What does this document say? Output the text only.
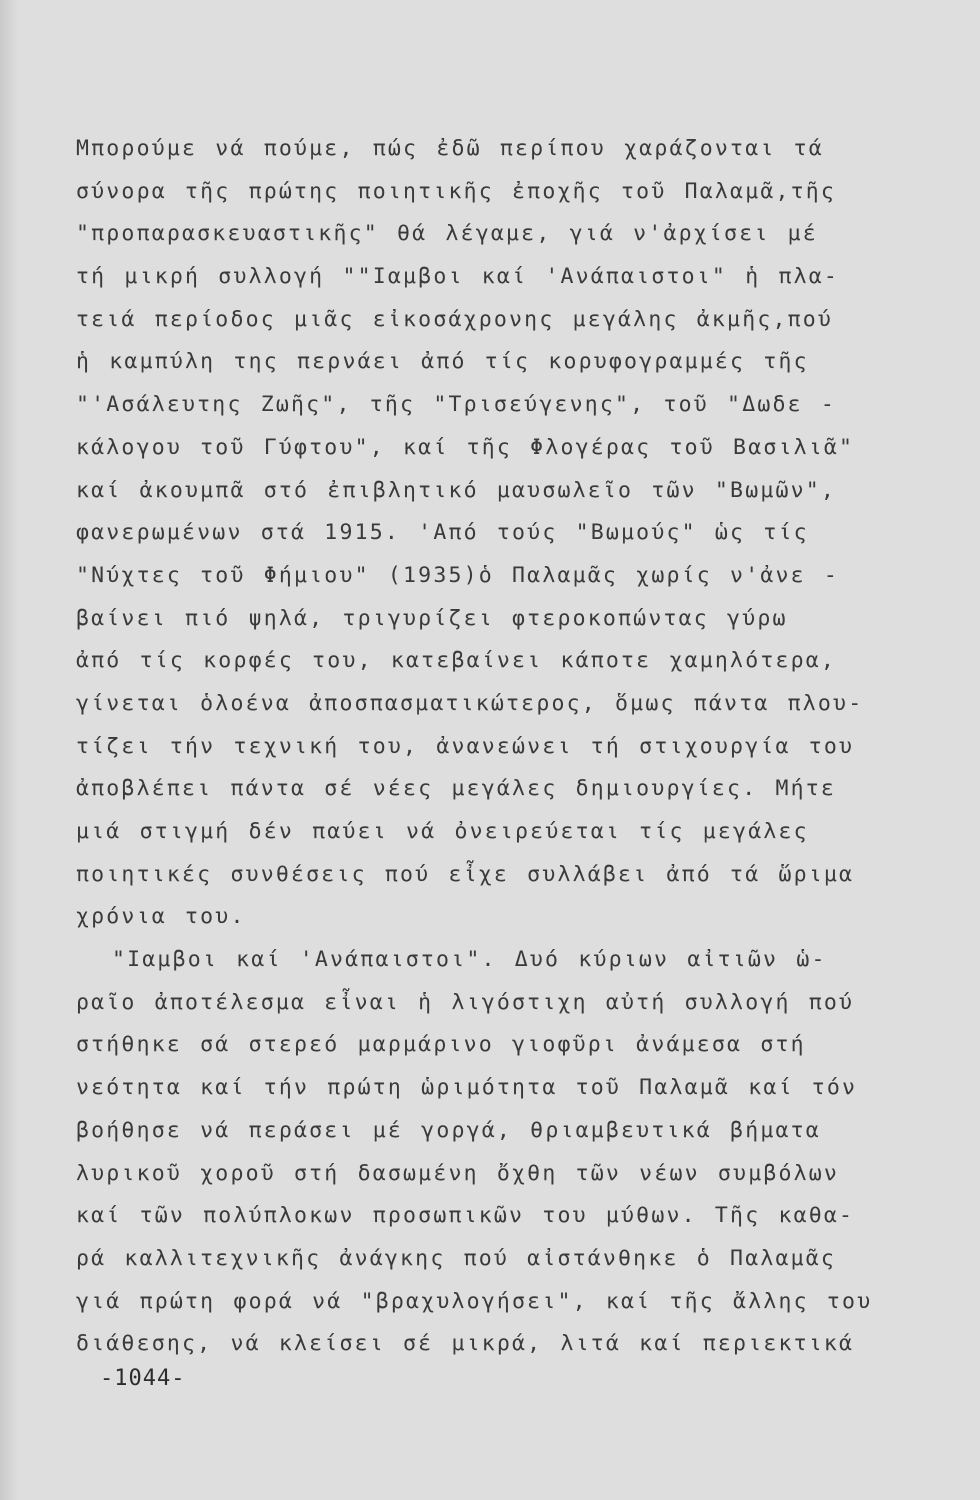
Μπορούμε νά πούμε, πώς ἐδῶ περίπου χαράζονται τά
σύνορα τῆς πρώτης ποιητικῆς ἐποχῆς τοῦ Παλαμᾶ,τῆς
"προπαρασκευαστικῆς" θά λέγαμε, γιά ν'ἀρχίσει μέ
τή μικρή συλλογή ""Ιαμβοι καί 'Ανάπαιστοι" ἡ πλα-
τειά περίοδος μιᾶς εἰκοσάχρονης μεγάλης ἀκμῆς,πού
ἡ καμπύλη της περνάει ἀπό τίς κορυφογραμμές τῆς
"'Ασάλευτης Ζωῆς", τῆς "Τρισεύγενης", τοῦ "Δωδε -
κάλογου τοῦ Γύφτου", καί τῆς Φλογέρας τοῦ Βασιλιᾶ"
καί ἀκουμπᾶ στό ἐπιβλητικό μαυσωλεῖο τῶν "Βωμῶν",
φανερωμένων στά 1915. 'Από τούς "Βωμούς" ὡς τίς
"Νύχτες τοῦ Φήμιου" (1935)ὁ Παλαμᾶς χωρίς ν'ἀνε -
βαίνει πιό ψηλά, τριγυρίζει φτεροκοπώντας γύρω
ἀπό τίς κορφές του, κατεβαίνει κάποτε χαμηλότερα,
γίνεται ὁλοένα ἀποσπασματικώτερος, ὅμως πάντα πλου-
τίζει τήν τεχνική του, ἀνανεώνει τή στιχουργία του
ἀποβλέπει πάντα σέ νέες μεγάλες δημιουργίες. Μήτε
μιά στιγμή δέν παύει νά ὀνειρεύεται τίς μεγάλες
ποιητικές συνθέσεις πού εἶχε συλλάβει ἀπό τά ὥριμα
χρόνια του.
"Ιαμβοι καί 'Ανάπαιστοι". Δυό κύριων αἰτιῶν ὡ-
ραῖο ἀποτέλεσμα εἶναι ἡ λιγόστιχη αὐτή συλλογή πού
στήθηκε σά στερεό μαρμάρινο γιοφῦρι ἀνάμεσα στή
νεότητα καί τήν πρώτη ὡριμότητα τοῦ Παλαμᾶ καί τόν
βοήθησε νά περάσει μέ γοργά, θριαμβευτικά βήματα
λυρικοῦ χοροῦ στή δασωμένη ὄχθη τῶν νέων συμβόλων
καί τῶν πολύπλοκων προσωπικῶν του μύθων. Τῆς καθα-
ρά καλλιτεχνικῆς ἀνάγκης πού αἰστάνθηκε ὁ Παλαμᾶς
γιά πρώτη φορά νά "βραχυλογήσει", καί τῆς ἄλλης του
διάθεσης, νά κλείσει σέ μικρά, λιτά καί περιεκτικά
-1044-
